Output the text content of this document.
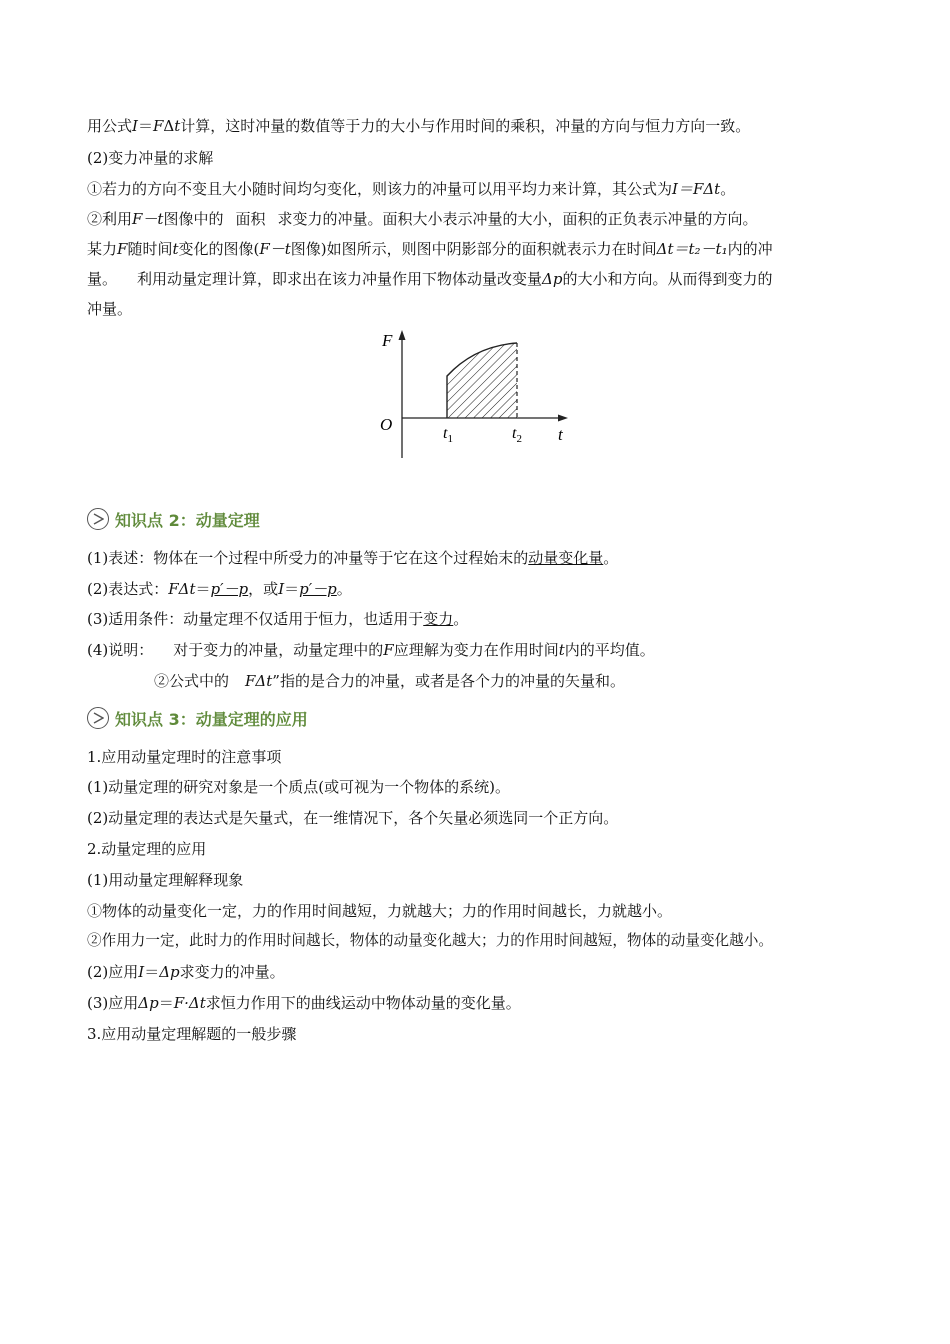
用公式I＝FΔt计算，这时冲量的数值等于力的大小与作用时间的乘积，冲量的方向与恒力方向一致。
(2)变力冲量的求解
①若力的方向不变且大小随时间均匀变化，则该力的冲量可以用平均力来计算，其公式为I＝FΔt。
②利用F－t图像中的 面积 求变力的冲量。面积大小表示冲量的大小，面积的正负表示冲量的方向。
某力F随时间t变化的图像(F－t图像)如图所示，则图中阴影部分的面积就表示力在时间Δt＝t₂－t₁内的冲
量。 利用动量定理计算，即求出在该力冲量作用下物体动量改变量Δp的大小和方向。从而得到变力的
冲量。
F
t
O	$t_1$	$t_2$
知识点 2：动量定理
(1)表述：物体在一个过程中所受力的冲量等于它在这个过程始末的动量变化量。
(2)表达式：FΔt＝p′－p，或I＝p′－p。
(3)适用条件：动量定理不仅适用于恒力，也适用于变力。
(4)说明： 对于变力的冲量，动量定理中的F应理解为变力在作用时间t内的平均值。
②公式中的 FΔt”指的是合力的冲量，或者是各个力的冲量的矢量和。
知识点 3：动量定理的应用
1.应用动量定理时的注意事项
(1)动量定理的研究对象是一个质点(或可视为一个物体的系统)。
(2)动量定理的表达式是矢量式，在一维情况下，各个矢量必须选同一个正方向。
2.动量定理的应用
(1)用动量定理解释现象
①物体的动量变化一定，力的作用时间越短，力就越大；力的作用时间越长，力就越小。
②作用力一定，此时力的作用时间越长，物体的动量变化越大；力的作用时间越短，物体的动量变化越小。
(2)应用I＝Δp求变力的冲量。
(3)应用Δp＝F·Δt求恒力作用下的曲线运动中物体动量的变化量。
3.应用动量定理解题的一般步骤
